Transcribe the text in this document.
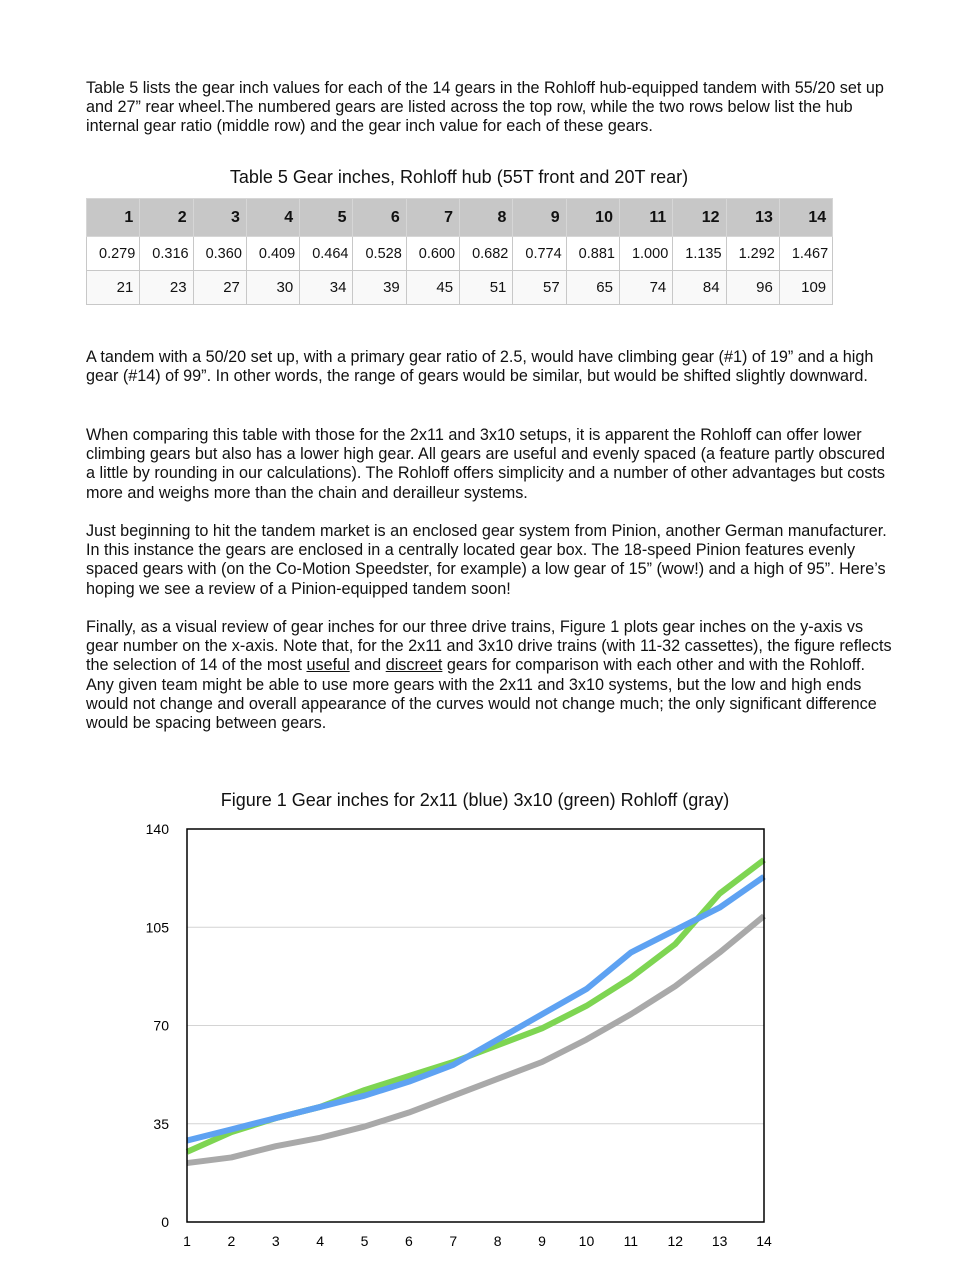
Table 5 lists the gear inch values for each of the 14 gears in the Rohloff hub-equipped tandem with 55/20 set up and 27” rear wheel.The numbered gears are listed across the top row, while the two rows below list the hub internal gear ratio (middle row) and the gear inch value for each of these gears.

Table 5 Gear inches, Rohloff hub (55T front and 20T rear)
1	2	3	4	5	6	7	8	9	10	11	12	13	14
0.279	0.316	0.360	0.409	0.464	0.528	0.600	0.682	0.774	0.881	1.000	1.135	1.292	1.467
21	23	27	30	34	39	45	51	57	65	74	84	96	109

A tandem with a 50/20 set up, with a primary gear ratio of 2.5, would have climbing gear (#1) of 19” and a high gear (#14) of 99”. In other words, the range of gears would be similar, but would be shifted slightly downward.

When comparing this table with those for the 2x11 and 3x10 setups, it is apparent the Rohloff can offer lower climbing gears but also has a lower high gear. All gears are useful and evenly spaced (a feature partly obscured a little by rounding in our calculations). The Rohloff offers simplicity and a number of other advantages but costs more and weighs more than the chain and derailleur systems.

Just beginning to hit the tandem market is an enclosed gear system from Pinion, another German manufacturer. In this instance the gears are enclosed in a centrally located gear box. The 18-speed Pinion features evenly spaced gears with (on the Co-Motion Speedster, for example) a low gear of 15” (wow!) and a high of 95”. Here’s hoping we see a review of a Pinion-equipped tandem soon!

Finally, as a visual review of gear inches for our three drive trains, Figure 1 plots gear inches on the y-axis vs gear number on the x-axis. Note that, for the 2x11 and 3x10 drive trains (with 11-32 cassettes), the figure reflects the selection of 14 of the most useful and discreet gears for comparison with each other and with the Rohloff. Any given team might be able to use more gears with the 2x11 and 3x10 systems, but the low and high ends would not change and overall appearance of the curves would not change much; the only significant difference would be spacing between gears.

Figure 1 Gear inches for 2x11 (blue) 3x10 (green) Rohloff (gray)
0
35
70
105
140
1	2	3	4	5	6	7	8	9 10 11 12 13 14
